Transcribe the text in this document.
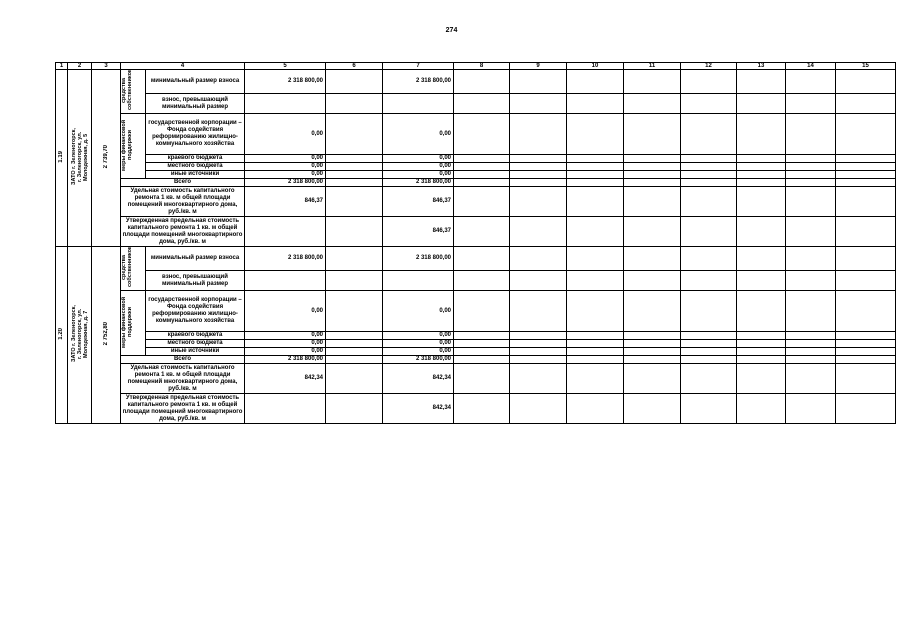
274
1	2	3	4			5	6	7	8	9	10	11	12	13	14	15
1.19	ЗАТО г. Зеленогорск, г. Зеленогорск, ул. Молодежная, д. 5	2 739,70	средства собственников		минимальный размер взноса	2 318 800,00		2 318 800,00								
					взнос, превышающий минимальный размер											
			меры финансовой поддержки		государственной корпорации – Фонда содействия реформированию жилищно-коммунального хозяйства	0,00		0,00								
					краевого бюджета	0,00		0,00								
					местного бюджета	0,00		0,00								
					иные источники	0,00		0,00								
			Всего			2 318 800,00		2 318 800,00								
			Удельная стоимость капитального ремонта 1 кв. м общей площади помещений многоквартирного дома, руб./кв. м			846,37		846,37								
			Утвержденная предельная стоимость капитального ремонта 1 кв. м общей площади помещений многоквартирного дома, руб./кв. м					846,37								
1.20	ЗАТО г. Зеленогорск, г. Зеленогорск, ул. Молодежная, д. 7	2 752,80	средства собственников		минимальный размер взноса	2 318 800,00		2 318 800,00								
					взнос, превышающий минимальный размер											
			меры финансовой поддержки		государственной корпорации – Фонда содействия реформированию жилищно-коммунального хозяйства	0,00		0,00								
					краевого бюджета	0,00		0,00								
					местного бюджета	0,00		0,00								
					иные источники	0,00		0,00								
			Всего			2 318 800,00		2 318 800,00								
			Удельная стоимость капитального ремонта 1 кв. м общей площади помещений многоквартирного дома, руб./кв. м			842,34		842,34								
			Утвержденная предельная стоимость капитального ремонта 1 кв. м общей площади помещений многоквартирного дома, руб./кв. м					842,34								
